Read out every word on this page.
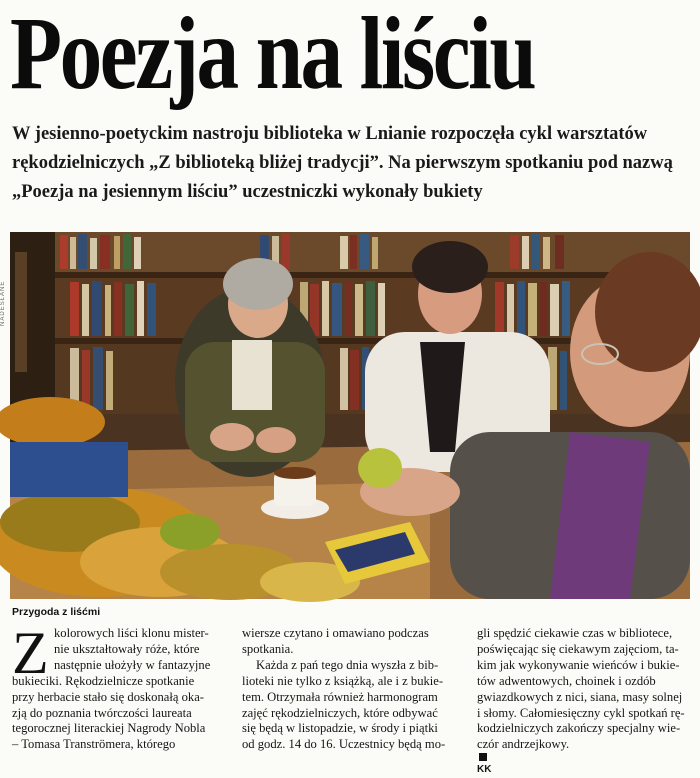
Poezja na liściu
W jesienno-poetyckim nastroju biblioteka w Lnianie rozpoczęła cykl warsztatów
rękodzielniczych „Z biblioteką bliżej tradycji”. Na pierwszym spotkaniu pod nazwą
„Poezja na jesiennym liściu” uczestniczki wykonały bukiety
NADESŁANE
Przygoda z liśćmi
Z kolorowych liści klonu mister-
nie ukształtowały róże, które
następnie ułożyły w fantazyjne
bukieciki. Rękodzielnicze spotkanie
przy herbacie stało się doskonałą oka-
zją do poznania twórczości laureata
tegorocznej literackiej Nagrody Nobla
– Tomasa Tranströmera, którego
wiersze czytano i omawiano podczas
spotkania.
Każda z pań tego dnia wyszła z bib-
lioteki nie tylko z książką, ale i z bukie-
tem. Otrzymała również harmonogram
zajęć rękodzielniczych, które odbywać
się będą w listopadzie, w środy i piątki
od godz. 14 do 16. Uczestnicy będą mo-
gli spędzić ciekawie czas w bibliotece,
poświęcając się ciekawym zajęciom, ta-
kim jak wykonywanie wieńców i bukie-
tów adwentowych, choinek i ozdób
gwiazdkowych z nici, siana, masy solnej
i słomy. Całomiesięczny cykl spotkań rę-
kodzielniczych zakończy specjalny wie-
czór andrzejkowy.
KK
